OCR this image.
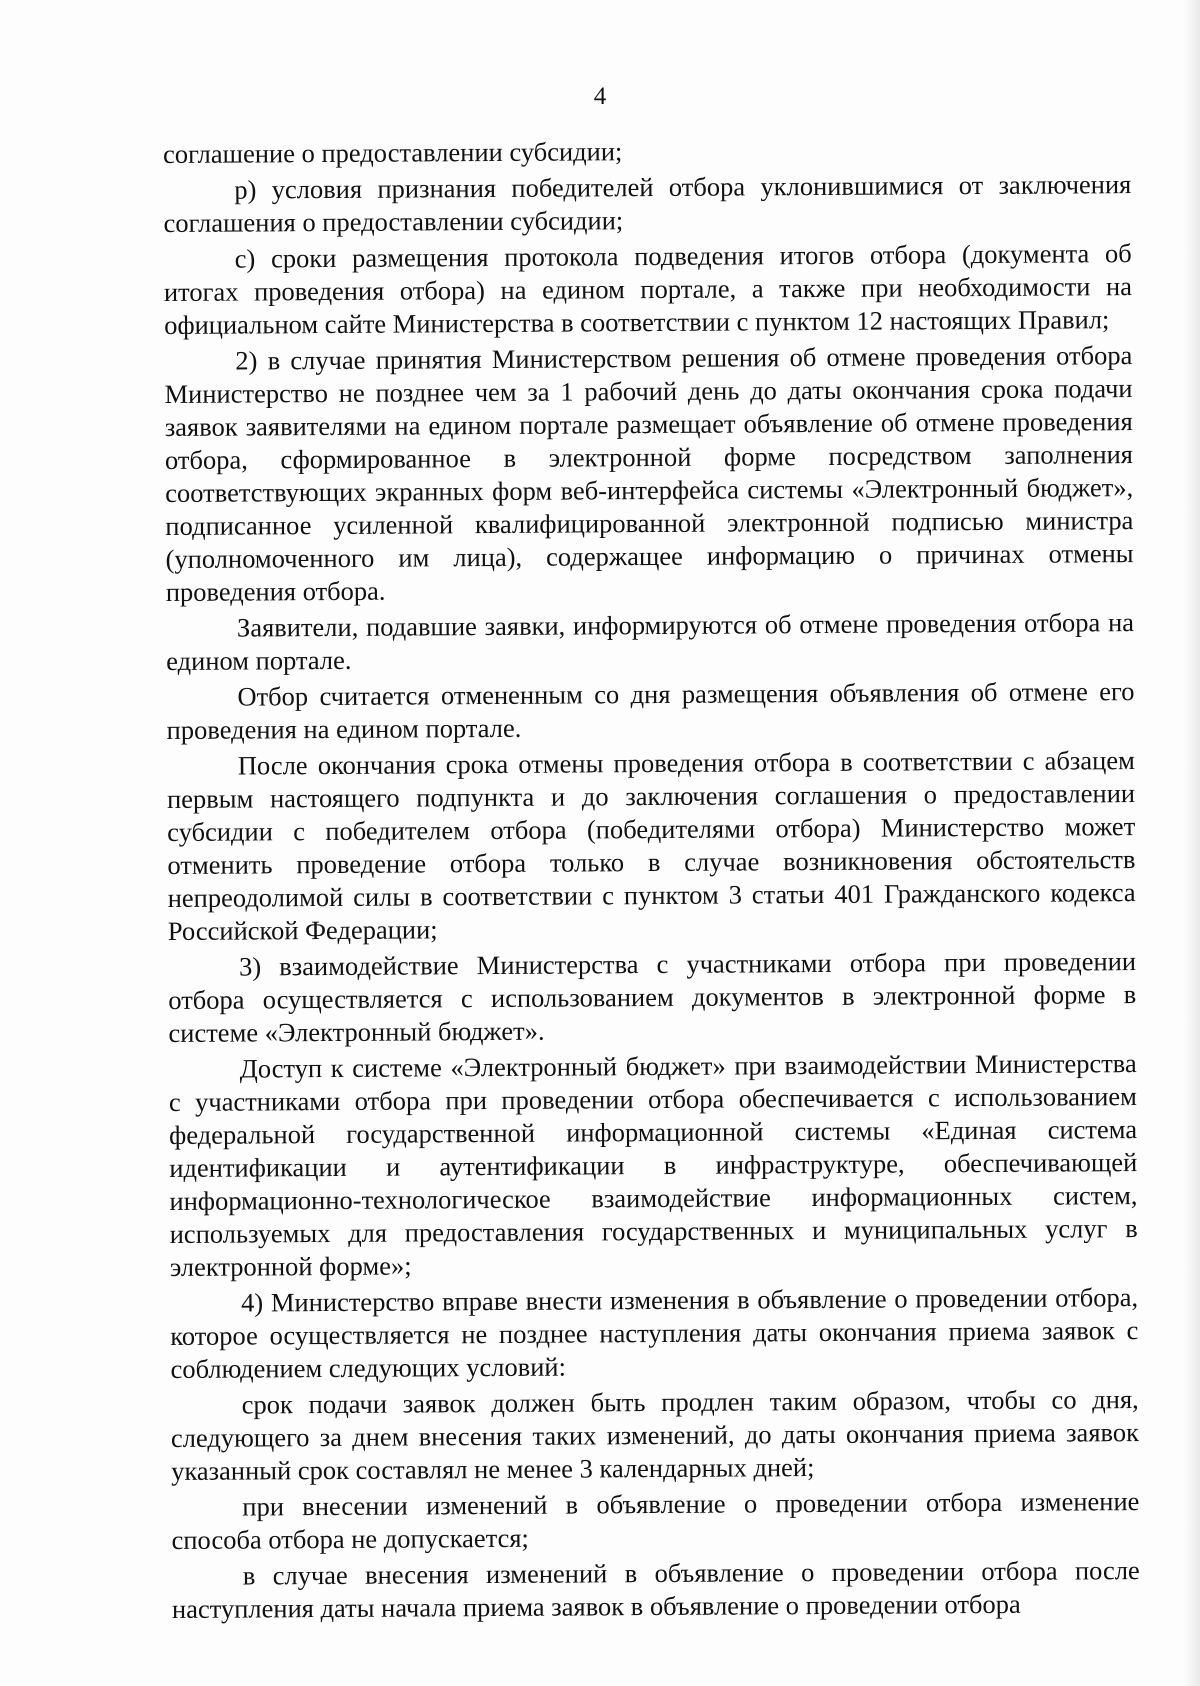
4

соглашение о предоставлении субсидии;

р) условия признания победителей отбора уклонившимися от заключения соглашения о предоставлении субсидии;

с) сроки размещения протокола подведения итогов отбора (документа об итогах проведения отбора) на едином портале, а также при необходимости на официальном сайте Министерства в соответствии с пунктом 12 настоящих Правил;

2) в случае принятия Министерством решения об отмене проведения отбора Министерство не позднее чем за 1 рабочий день до даты окончания срока подачи заявок заявителями на едином портале размещает объявление об отмене проведения отбора, сформированное в электронной форме посредством заполнения соответствующих экранных форм веб-интерфейса системы «Электронный бюджет», подписанное усиленной квалифицированной электронной подписью министра (уполномоченного им лица), содержащее информацию о причинах отмены проведения отбора.

Заявители, подавшие заявки, информируются об отмене проведения отбора на едином портале.

Отбор считается отмененным со дня размещения объявления об отмене его проведения на едином портале.

После окончания срока отмены проведения отбора в соответствии с абзацем первым настоящего подпункта и до заключения соглашения о предоставлении субсидии с победителем отбора (победителями отбора) Министерство может отменить проведение отбора только в случае возникновения обстоятельств непреодолимой силы в соответствии с пунктом 3 статьи 401 Гражданского кодекса Российской Федерации;

3) взаимодействие Министерства с участниками отбора при проведении отбора осуществляется с использованием документов в электронной форме в системе «Электронный бюджет».

Доступ к системе «Электронный бюджет» при взаимодействии Министерства с участниками отбора при проведении отбора обеспечивается с использованием федеральной государственной информационной системы «Единая система идентификации и аутентификации в инфраструктуре, обеспечивающей информационно-технологическое взаимодействие информационных систем, используемых для предоставления государственных и муниципальных услуг в электронной форме»;

4) Министерство вправе внести изменения в объявление о проведении отбора, которое осуществляется не позднее наступления даты окончания приема заявок с соблюдением следующих условий:

срок подачи заявок должен быть продлен таким образом, чтобы со дня, следующего за днем внесения таких изменений, до даты окончания приема заявок указанный срок составлял не менее 3 календарных дней;

при внесении изменений в объявление о проведении отбора изменение способа отбора не допускается;

в случае внесения изменений в объявление о проведении отбора после наступления даты начала приема заявок в объявление о проведении отбора
